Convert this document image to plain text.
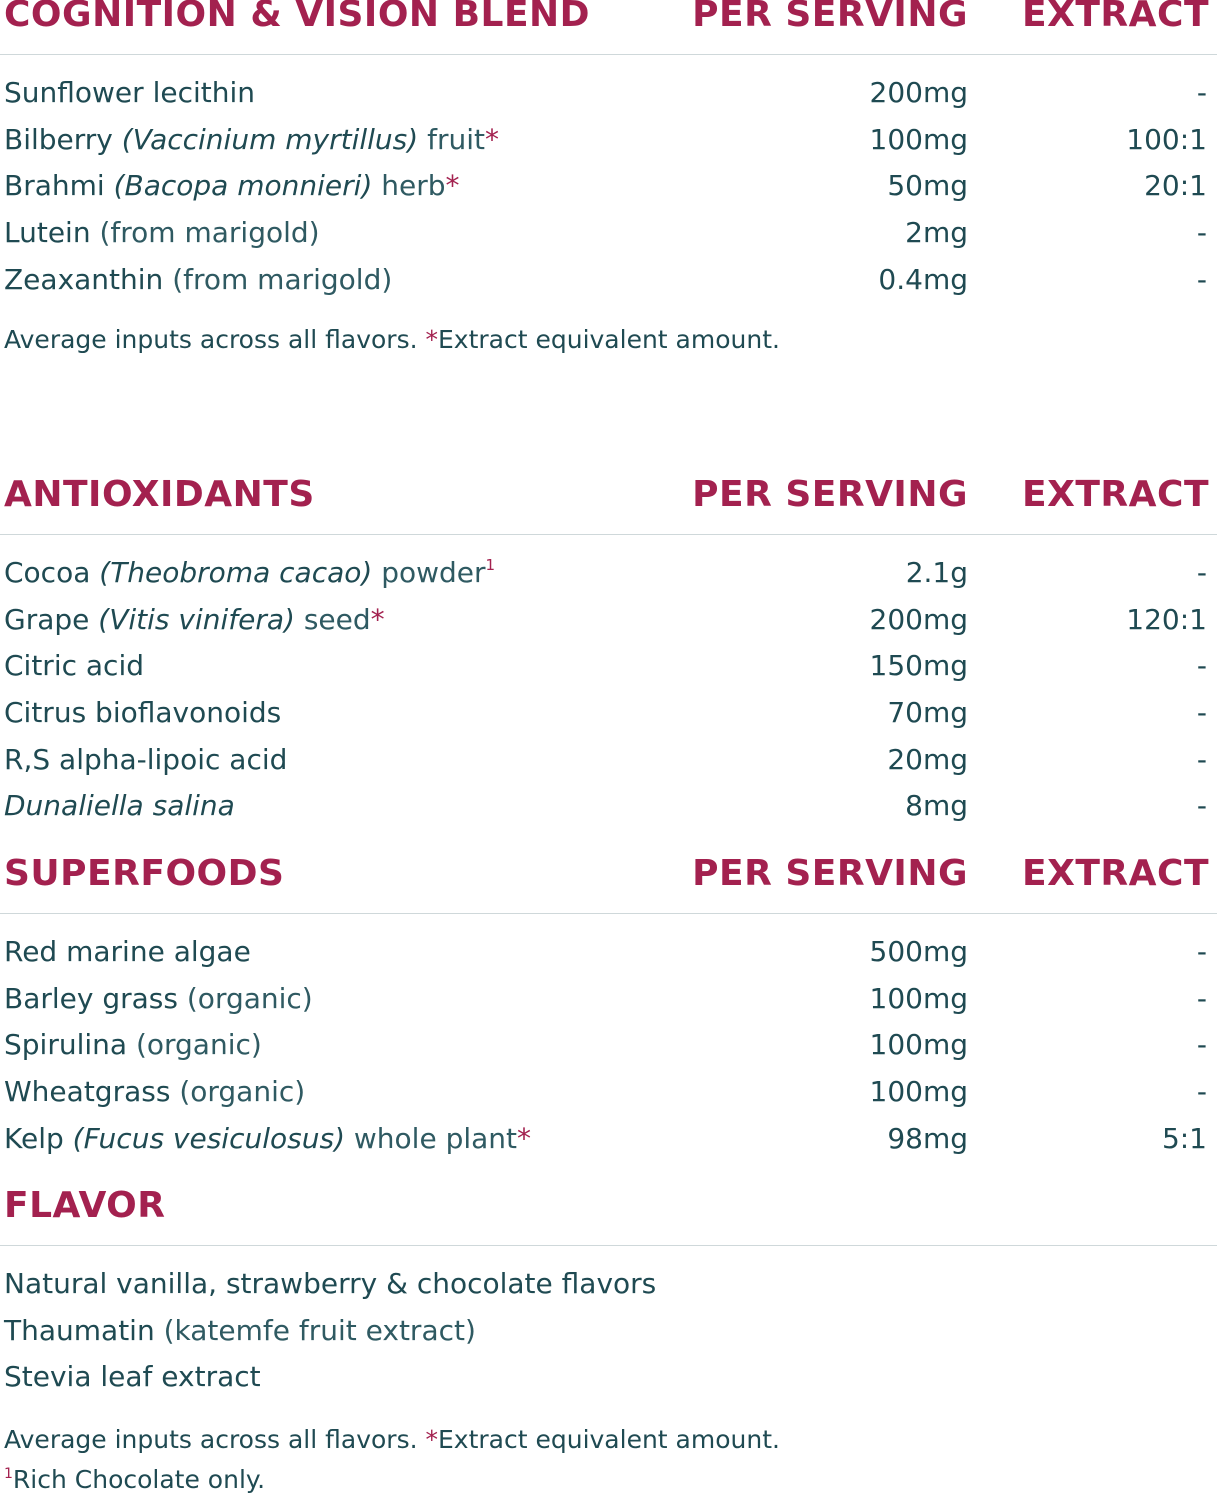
COGNITION & VISION BLEND	PER SERVING EXTRACT
Sunflower lecithin	200mg	-
Bilberry (Vaccinium myrtillus) fruit*	100mg	100:1
Brahmi (Bacopa monnieri) herb*	50mg	20:1
Lutein (from marigold)	2mg	-
Zeaxanthin (from marigold)	0.4mg	-
Average inputs across all flavors. *Extract equivalent amount.
ANTIOXIDANTS	PER SERVING EXTRACT
Cocoa (Theobroma cacao) powder$^1$	2.1g	-
Grape (Vitis vinifera) seed*	200mg	120:1
Citric acid	150mg	-
Citrus bioflavonoids	70mg	-
R,S alpha-lipoic acid	20mg	-
Dunaliella salina	8mg	-
SUPERFOODS	PER SERVING EXTRACT
Red marine algae	500mg	-
Barley grass (organic)	100mg	-
Spirulina (organic)	100mg	-
Wheatgrass (organic)	100mg	-
Kelp (Fucus vesiculosus) whole plant*	98mg	5:1
FLAVOR
Natural vanilla, strawberry & chocolate flavors
Thaumatin (katemfe fruit extract)
Stevia leaf extract
Average inputs across all flavors. *Extract equivalent amount.
$^1$Rich Chocolate only.
